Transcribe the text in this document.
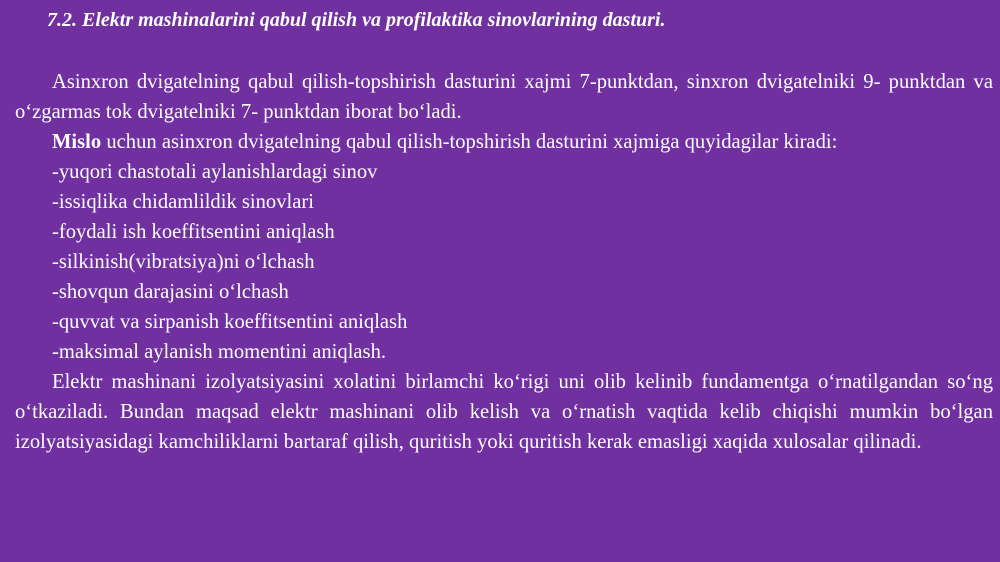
7.2. Elektr mashinalarini qabul qilish va profilaktika sinovlarining dasturi.

Asinxron dvigatelning qabul qilish-topshirish dasturini xajmi 7-punktdan, sinxron dvigatelniki 9- punktdan va o‘zgarmas tok dvigatelniki 7- punktdan iborat bo‘ladi.

Mislo uchun asinxron dvigatelning qabul qilish-topshirish dasturini xajmiga quyidagilar kiradi:

-yuqori chastotali aylanishlardagi sinov
-issiqlika chidamlildik sinovlari
-foydali ish koeffitsentini aniqlash
-silkinish(vibratsiya)ni o‘lchash
-shovqun darajasini o‘lchash
-quvvat va sirpanish koeffitsentini aniqlash
-maksimal aylanish momentini aniqlash.

Elektr mashinani izolyatsiyasini xolatini birlamchi ko‘rigi uni olib kelinib fundamentga o‘rnatilgandan so‘ng o‘tkaziladi. Bundan maqsad elektr mashinani olib kelish va o‘rnatish vaqtida kelib chiqishi mumkin bo‘lgan izolyatsiyasidagi kamchiliklarni bartaraf qilish, quritish yoki quritish kerak emasligi xaqida xulosalar qilinadi.
